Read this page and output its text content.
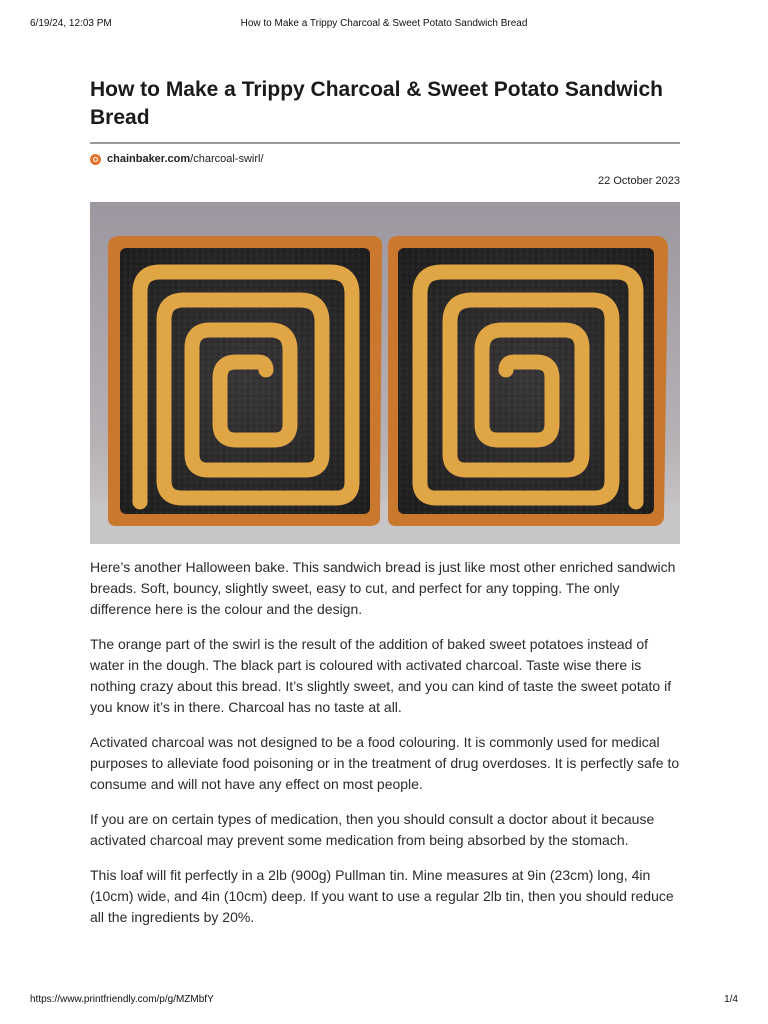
6/19/24, 12:03 PM	How to Make a Trippy Charcoal & Sweet Potato Sandwich Bread
How to Make a Trippy Charcoal & Sweet Potato Sandwich Bread
chainbaker.com/charcoal-swirl/
22 October 2023

Here’s another Halloween bake. This sandwich bread is just like most other enriched sandwich breads. Soft, bouncy, slightly sweet, easy to cut, and perfect for any topping. The only difference here is the colour and the design.

The orange part of the swirl is the result of the addition of baked sweet potatoes instead of water in the dough. The black part is coloured with activated charcoal. Taste wise there is nothing crazy about this bread. It’s slightly sweet, and you can kind of taste the sweet potato if you know it’s in there. Charcoal has no taste at all.

Activated charcoal was not designed to be a food colouring. It is commonly used for medical purposes to alleviate food poisoning or in the treatment of drug overdoses. It is perfectly safe to consume and will not have any effect on most people.

If you are on certain types of medication, then you should consult a doctor about it because activated charcoal may prevent some medication from being absorbed by the stomach.

This loaf will fit perfectly in a 2lb (900g) Pullman tin. Mine measures at 9in (23cm) long, 4in (10cm) wide, and 4in (10cm) deep. If you want to use a regular 2lb tin, then you should reduce all the ingredients by 20%.

https://www.printfriendly.com/p/g/MZMbfY	1/4
